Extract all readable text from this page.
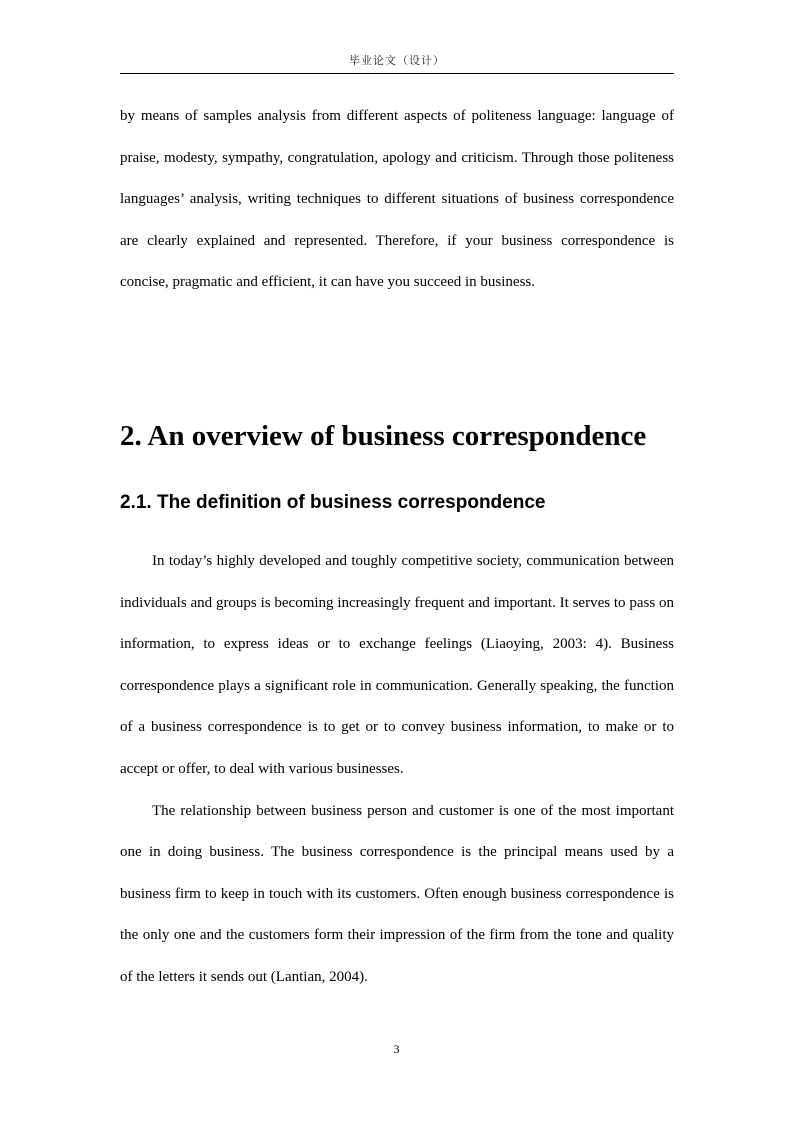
毕业论文（设计）

by means of samples analysis from different aspects of politeness language: language of praise, modesty, sympathy, congratulation, apology and criticism. Through those politeness languages’ analysis, writing techniques to different situations of business correspondence are clearly explained and represented. Therefore, if your business correspondence is concise, pragmatic and efficient, it can have you succeed in business.

2. An overview of business correspondence
2.1. The definition of business correspondence

In today’s highly developed and toughly competitive society, communication between individuals and groups is becoming increasingly frequent and important. It serves to pass on information, to express ideas or to exchange feelings (Liaoying, 2003: 4). Business correspondence plays a significant role in communication. Generally speaking, the function of a business correspondence is to get or to convey business information, to make or to accept or offer, to deal with various businesses.

The relationship between business person and customer is one of the most important one in doing business. The business correspondence is the principal means used by a business firm to keep in touch with its customers. Often enough business correspondence is the only one and the customers form their impression of the firm from the tone and quality of the letters it sends out (Lantian, 2004).

3
